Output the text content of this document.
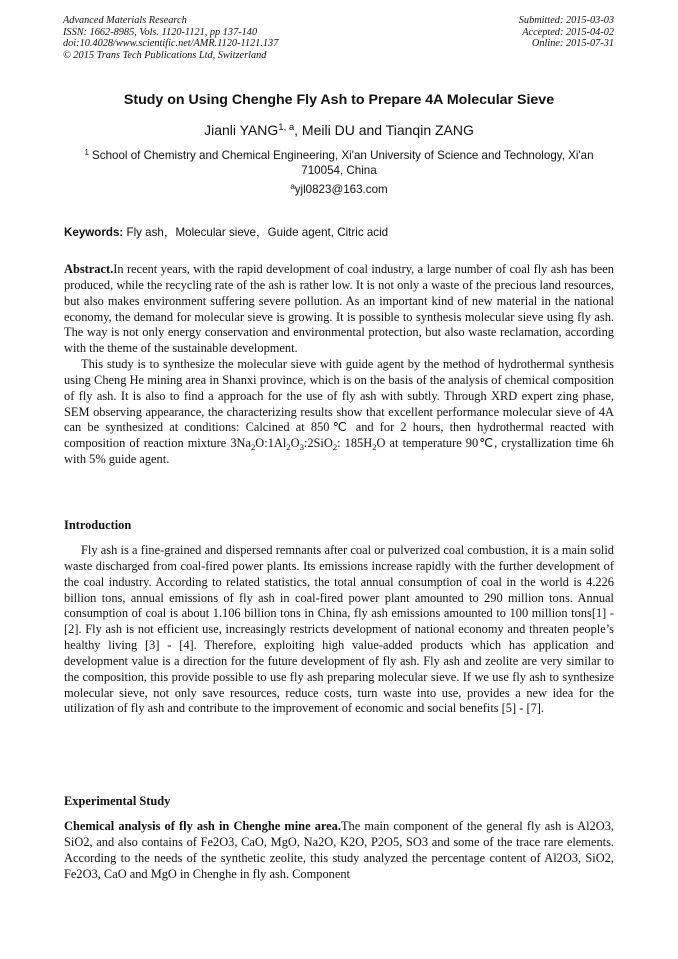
Advanced Materials Research
ISSN: 1662-8985, Vols. 1120-1121, pp 137-140
doi:10.4028/www.scientific.net/AMR.1120-1121.137
© 2015 Trans Tech Publications Ltd, Switzerland
Submitted: 2015-03-03
Accepted: 2015-04-02
Online: 2015-07-31
Study on Using Chenghe Fly Ash to Prepare 4A Molecular Sieve
Jianli YANG$^{1, a}$, Meili DU and Tianqin ZANG
$^1$ School of Chemistry and Chemical Engineering, Xi'an University of Science and Technology, Xi'an 710054, China
$^a$yjl0823@163.com
Keywords: Fly ash，Molecular sieve，Guide agent, Citric acid

Abstract.In recent years, with the rapid development of coal industry, a large number of coal fly ash has been produced, while the recycling rate of the ash is rather low. It is not only a waste of the precious land resources, but also makes environment suffering severe pollution. As an important kind of new material in the national economy, the demand for molecular sieve is growing. It is possible to synthesis molecular sieve using fly ash. The way is not only energy conservation and environmental protection, but also waste reclamation, according with the theme of the sustainable development.

This study is to synthesize the molecular sieve with guide agent by the method of hydrothermal synthesis using Cheng He mining area in Shanxi province, which is on the basis of the analysis of chemical composition of fly ash. It is also to find a approach for the use of fly ash with subtly. Through XRD expert zing phase, SEM observing appearance, the characterizing results show that excellent performance molecular sieve of 4A can be synthesized at conditions: Calcined at 850℃ and for 2 hours, then hydrothermal reacted with composition of reaction mixture $3Na_2O:1Al_2O_3:2SiO_2$: $185H_2O$ at temperature 90℃, crystallization time 6h with 5% guide agent.

Introduction

Fly ash is a fine-grained and dispersed remnants after coal or pulverized coal combustion, it is a main solid waste discharged from coal-fired power plants. Its emissions increase rapidly with the further development of the coal industry. According to related statistics, the total annual consumption of coal in the world is 4.226 billion tons, annual emissions of fly ash in coal-fired power plant amounted to 290 million tons. Annual consumption of coal is about 1.106 billion tons in China, fly ash emissions amounted to 100 million tons[1] - [2]. Fly ash is not efficient use, increasingly restricts development of national economy and threaten people’s healthy living [3] - [4]. Therefore, exploiting high value-added products which has application and development value is a direction for the future development of fly ash. Fly ash and zeolite are very similar to the composition, this provide possible to use fly ash preparing molecular sieve. If we use fly ash to synthesize molecular sieve, not only save resources, reduce costs, turn waste into use, provides a new idea for the utilization of fly ash and contribute to the improvement of economic and social benefits [5] - [7].

Experimental Study

Chemical analysis of fly ash in Chenghe mine area.The main component of the general fly ash is Al2O3, SiO2, and also contains of Fe2O3, CaO, MgO, Na2O, K2O, P2O5, SO3 and some of the trace rare elements. According to the needs of the synthetic zeolite, this study analyzed the percentage content of Al2O3, SiO2, Fe2O3, CaO and MgO in Chenghe in fly ash. Component
